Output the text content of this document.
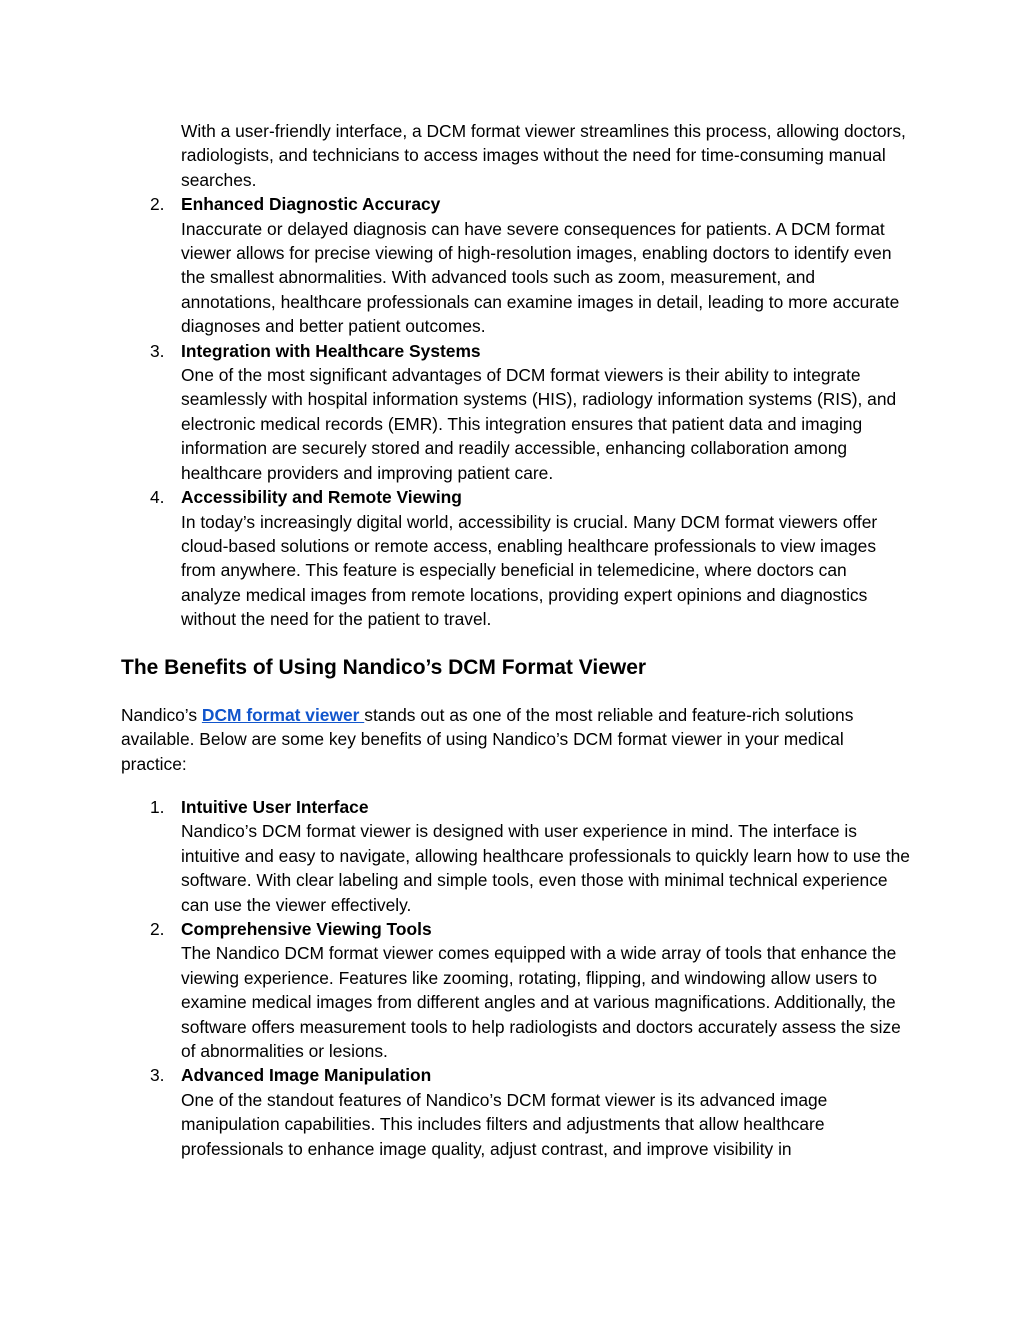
With a user-friendly interface, a DCM format viewer streamlines this process, allowing doctors, radiologists, and technicians to access images without the need for time-consuming manual searches.
2. Enhanced Diagnostic Accuracy
Inaccurate or delayed diagnosis can have severe consequences for patients. A DCM format viewer allows for precise viewing of high-resolution images, enabling doctors to identify even the smallest abnormalities. With advanced tools such as zoom, measurement, and annotations, healthcare professionals can examine images in detail, leading to more accurate diagnoses and better patient outcomes.
3. Integration with Healthcare Systems
One of the most significant advantages of DCM format viewers is their ability to integrate seamlessly with hospital information systems (HIS), radiology information systems (RIS), and electronic medical records (EMR). This integration ensures that patient data and imaging information are securely stored and readily accessible, enhancing collaboration among healthcare providers and improving patient care.
4. Accessibility and Remote Viewing
In today’s increasingly digital world, accessibility is crucial. Many DCM format viewers offer cloud-based solutions or remote access, enabling healthcare professionals to view images from anywhere. This feature is especially beneficial in telemedicine, where doctors can analyze medical images from remote locations, providing expert opinions and diagnostics without the need for the patient to travel.
The Benefits of Using Nandico’s DCM Format Viewer

Nandico’s DCM format viewer stands out as one of the most reliable and feature-rich solutions available. Below are some key benefits of using Nandico’s DCM format viewer in your medical practice:

1. Intuitive User Interface
Nandico’s DCM format viewer is designed with user experience in mind. The interface is intuitive and easy to navigate, allowing healthcare professionals to quickly learn how to use the software. With clear labeling and simple tools, even those with minimal technical experience can use the viewer effectively.
2. Comprehensive Viewing Tools
The Nandico DCM format viewer comes equipped with a wide array of tools that enhance the viewing experience. Features like zooming, rotating, flipping, and windowing allow users to examine medical images from different angles and at various magnifications. Additionally, the software offers measurement tools to help radiologists and doctors accurately assess the size of abnormalities or lesions.
3. Advanced Image Manipulation
One of the standout features of Nandico’s DCM format viewer is its advanced image manipulation capabilities. This includes filters and adjustments that allow healthcare professionals to enhance image quality, adjust contrast, and improve visibility in
